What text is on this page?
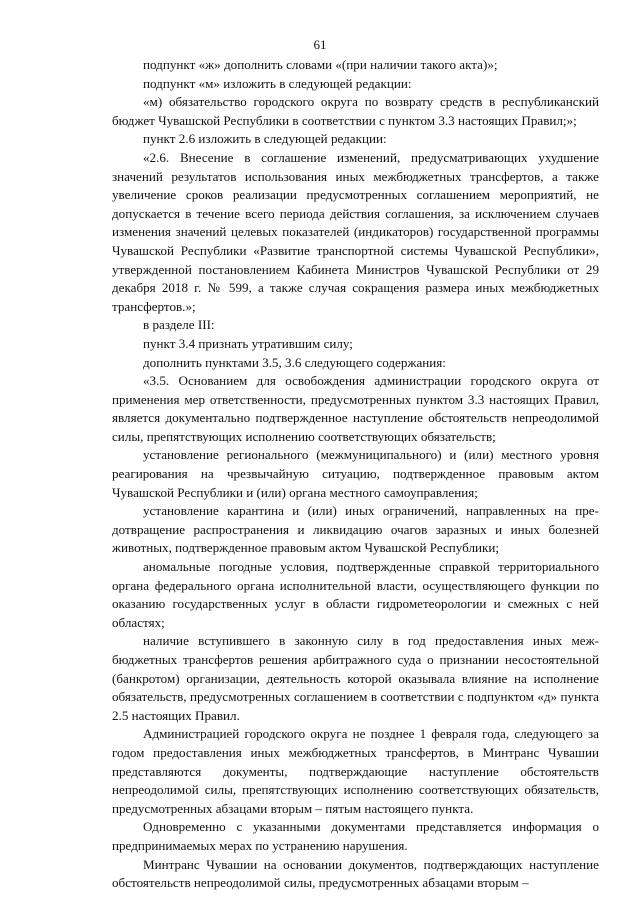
61

подпункт «ж» дополнить словами «(при наличии такого акта)»;

подпункт «м» изложить в следующей редакции:

«м) обязательство городского округа по возврату средств в республиканский бюджет Чувашской Республики в соответствии с пунктом 3.3 настоящих Правил;»;

пункт 2.6 изложить в следующей редакции:

«2.6. Внесение в соглашение изменений, предусматривающих ухудшение значений результатов использования иных межбюджетных трансфертов, а также увеличение сроков реализации предусмотренных соглашением мероприятий, не допускается в течение всего периода действия соглашения, за исключением случаев изменения значений целевых показателей (индикаторов) государственной программы Чувашской Республики «Развитие транспортной системы Чувашской Республики», утвержденной постановлением Кабинета Министров Чувашской Республики от 29 декабря 2018 г. № 599, а также случая сокращения размера иных межбюджетных трансфертов.»;

в разделе III:

пункт 3.4 признать утратившим силу;

дополнить пунктами 3.5, 3.6 следующего содержания:

«3.5. Основанием для освобождения администрации городского округа от применения мер ответственности, предусмотренных пунктом 3.3 настоящих Правил, является документально подтвержденное наступление обстоятельств непреодолимой силы, препятствующих исполнению соответствующих обязательств;

установление регионального (межмуниципального) и (или) местного уровня реагирования на чрезвычайную ситуацию, подтвержденное правовым актом Чувашской Республики и (или) органа местного самоуправления;

установление карантина и (или) иных ограничений, направленных на предотвращение распространения и ликвидацию очагов заразных и иных болезней животных, подтвержденное правовым актом Чувашской Республики;

аномальные погодные условия, подтвержденные справкой территориального органа федерального органа исполнительной власти, осуществляющего функции по оказанию государственных услуг в области гидрометеорологии и смежных с ней областях;

наличие вступившего в законную силу в год предоставления иных межбюджетных трансфертов решения арбитражного суда о признании несостоятельной (банкротом) организации, деятельность которой оказывала влияние на исполнение обязательств, предусмотренных соглашением в соответствии с подпунктом «д» пункта 2.5 настоящих Правил.

Администрацией городского округа не позднее 1 февраля года, следующего за годом предоставления иных межбюджетных трансфертов, в Минтранс Чувашии представляются документы, подтверждающие наступление обстоятельств непреодолимой силы, препятствующих исполнению соответствующих обязательств, предусмотренных абзацами вторым – пятым настоящего пункта.

Одновременно с указанными документами представляется информация о предпринимаемых мерах по устранению нарушения.

Минтранс Чувашии на основании документов, подтверждающих наступление обстоятельств непреодолимой силы, предусмотренных абзацами вторым –
